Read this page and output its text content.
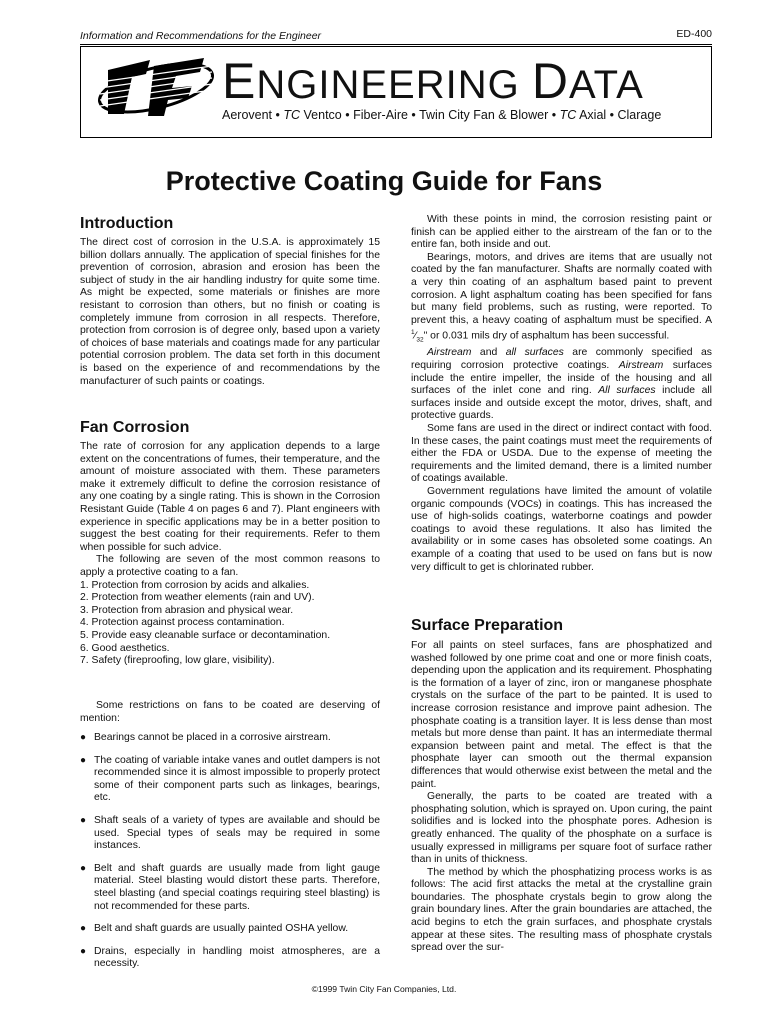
Information and Recommendations for the Engineer	ED-400
ENGINEERING DATA
Aerovent • TC Ventco • Fiber-Aire • Twin City Fan & Blower • TC Axial • Clarage
Protective Coating Guide for Fans
Introduction

The direct cost of corrosion in the U.S.A. is approximately 15 billion dollars annually. The application of special finishes for the prevention of corrosion, abrasion and erosion has been the subject of study in the air handling industry for quite some time. As might be expected, some materials or finishes are more resistant to corrosion than others, but no finish or coating is completely immune from corrosion in all respects. Therefore, protection from corrosion is of degree only, based upon a variety of choices of base materials and coatings made for any particular potential corrosion problem. The data set forth in this document is based on the experience of and recommendations by the manufacturer of such paints or coatings.

Fan Corrosion

The rate of corrosion for any application depends to a large extent on the concentrations of fumes, their temperature, and the amount of moisture associated with them. These parameters make it extremely difficult to define the corrosion resistance of any one coating by a single rating. This is shown in the Corrosion Resistant Guide (Table 4 on pages 6 and 7). Plant engineers with experience in specific applications may be in a better position to suggest the best coating for their requirements. Refer to them when possible for such advice.

The following are seven of the most common reasons to apply a protective coating to a fan.

1. Protection from corrosion by acids and alkalies.

2. Protection from weather elements (rain and UV).

3. Protection from abrasion and physical wear.

4. Protection against process contamination.

5. Provide easy cleanable surface or decontamination.

6. Good aesthetics.

7. Safety (fireproofing, low glare, visibility).

Some restrictions on fans to be coated are deserving of mention:

● Bearings cannot be placed in a corrosive airstream.

● The coating of variable intake vanes and outlet dampers is not recommended since it is almost impossible to properly protect some of their component parts such as linkages, bearings, etc.

● Shaft seals of a variety of types are available and should be used. Special types of seals may be required in some instances.

● Belt and shaft guards are usually made from light gauge material. Steel blasting would distort these parts. Therefore, steel blasting (and special coatings requiring steel blasting) is not recommended for these parts.

● Belt and shaft guards are usually painted OSHA yellow.

● Drains, especially in handling moist atmospheres, are a necessity.

With these points in mind, the corrosion resisting paint or finish can be applied either to the airstream of the fan or to the entire fan, both inside and out.

Bearings, motors, and drives are items that are usually not coated by the fan manufacturer. Shafts are normally coated with a very thin coating of an asphaltum based paint to prevent corrosion. A light asphaltum coating has been specified for fans but many field problems, such as rusting, were reported. To prevent this, a heavy coating of asphaltum must be specified. A $^1⁄_{32}$" or 0.031 mils dry of asphaltum has been successful.

Airstream and all surfaces are commonly specified as requiring corrosion protective coatings. Airstream surfaces include the entire impeller, the inside of the housing and all surfaces of the inlet cone and ring. All surfaces include all surfaces inside and outside except the motor, drives, shaft, and protective guards.

Some fans are used in the direct or indirect contact with food. In these cases, the paint coatings must meet the requirements of either the FDA or USDA. Due to the expense of meeting the requirements and the limited demand, there is a limited number of coatings available.

Government regulations have limited the amount of volatile organic compounds (VOCs) in coatings. This has increased the use of high-solids coatings, waterborne coatings and powder coatings to avoid these regulations. It also has limited the availability or in some cases has obsoleted some coatings. An example of a coating that used to be used on fans but is now very difficult to get is chlorinated rubber.

Surface Preparation

For all paints on steel surfaces, fans are phosphatized and washed followed by one prime coat and one or more finish coats, depending upon the application and its requirement. Phosphating is the formation of a layer of zinc, iron or manganese phosphate crystals on the surface of the part to be painted. It is used to increase corrosion resistance and improve paint adhesion. The phosphate coating is a transition layer. It is less dense than most metals but more dense than paint. It has an intermediate thermal expansion between paint and metal. The effect is that the phosphate layer can smooth out the thermal expansion differences that would otherwise exist between the metal and the paint.

Generally, the parts to be coated are treated with a phosphating solution, which is sprayed on. Upon curing, the paint solidifies and is locked into the phosphate pores. Adhesion is greatly enhanced. The quality of the phosphate on a surface is usually expressed in milligrams per square foot of surface rather than in units of thickness.

The method by which the phosphatizing process works is as follows: The acid first attacks the metal at the crystalline grain boundaries. The phosphate crystals begin to grow along the grain boundary lines. After the grain boundaries are attached, the acid begins to etch the grain surfaces, and phosphate crystals appear at these sites. The resulting mass of phosphate crystals spread over the sur-

©1999 Twin City Fan Companies, Ltd.
